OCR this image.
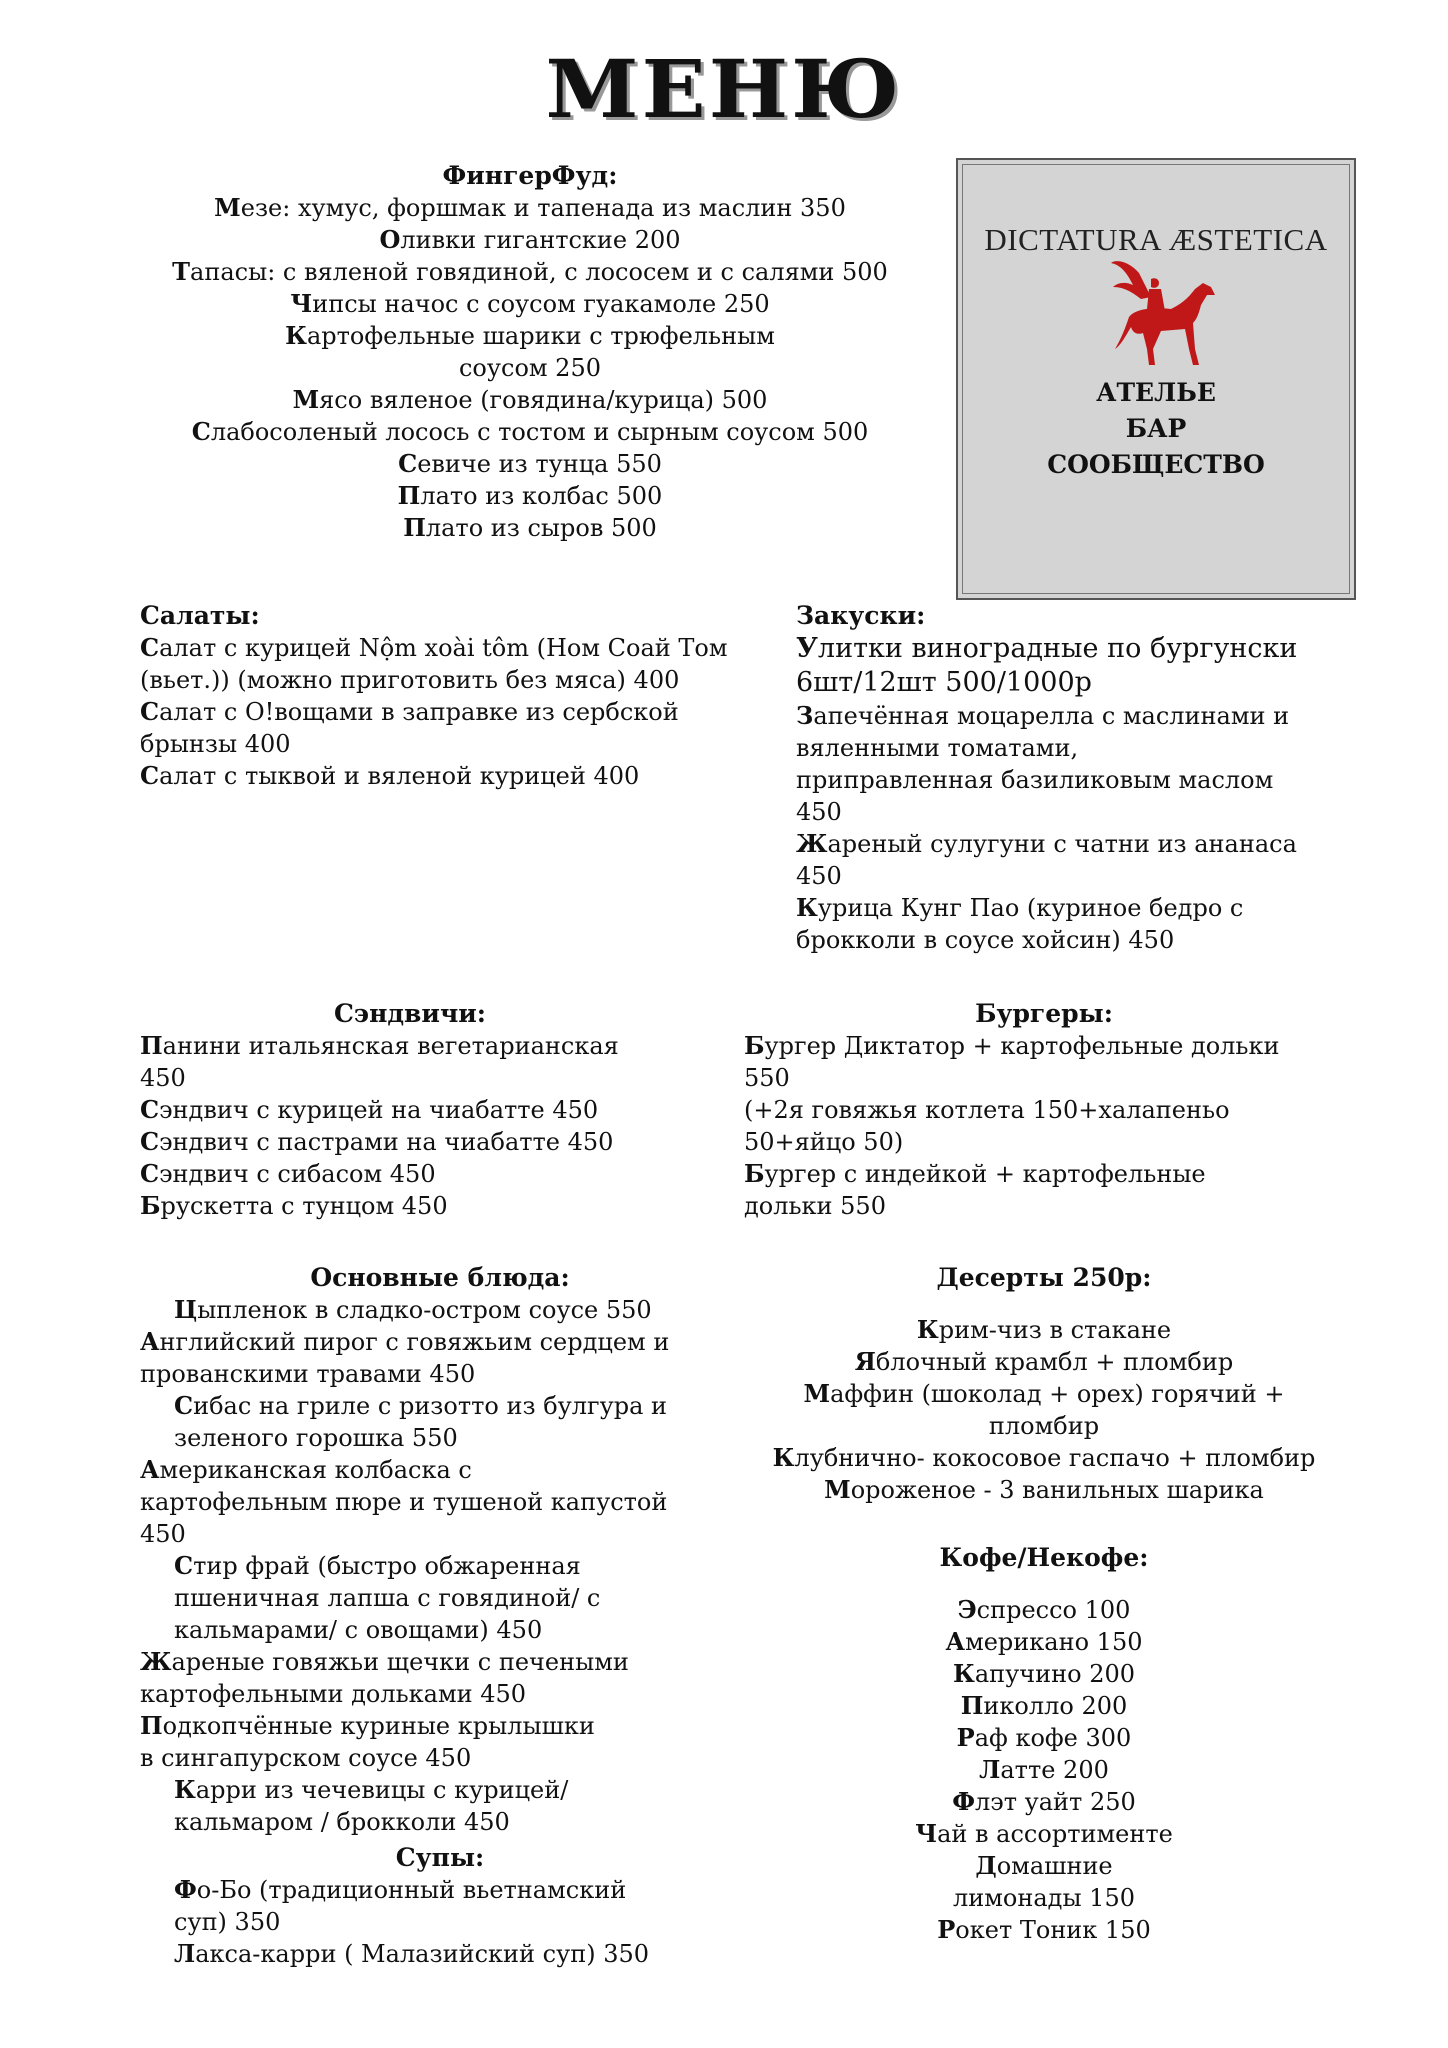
МЕНЮ
ФингерФуд:
Мезе: хумус, форшмак и тапенада из маслин 350
Оливки гигантские 200
Тапасы: с вяленой говядиной, с лососем и с салями 500
Чипсы начос с соусом гуакамоле 250
Картофельные шарики с трюфельным
соусом 250
Мясо вяленое (говядина/курица) 500
Слабосоленый лосось с тостом и сырным соусом 500
Севиче из тунца 550
Плато из колбас 500
Плато из сыров 500
DICTATURA ÆSTETICA
АТЕЛЬЕ
БАР
СООБЩЕСТВО
Салаты:
Салат с курицей Nộm xoài tôm (Ном Соай Том
(вьет.)) (можно приготовить без мяса) 400
Салат с О!вощами в заправке из сербской
брынзы 400
Салат с тыквой и вяленой курицей 400
Закуски:
Улитки виноградные по бургунски
6шт/12шт 500/1000р
Запечённая моцарелла с маслинами и
вяленными томатами,
приправленная базиликовым маслом
450
Жареный сулугуни с чатни из ананаса
450
Курица Кунг Пао (куриное бедро с
брокколи в соусе хойсин) 450
Сэндвичи:
Панини итальянская вегетарианская
450
Сэндвич с курицей на чиабатте 450
Сэндвич с пастрами на чиабатте 450
Сэндвич с сибасом 450
Брускетта с тунцом 450
Бургеры:
Бургер Диктатор + картофельные дольки
550
(+2я говяжья котлета 150+халапеньо
50+яйцо 50)
Бургер с индейкой + картофельные
дольки 550
Основные блюда:
Цыпленок в сладко-остром соусе 550
Английский пирог с говяжьим сердцем и
прованскими травами 450
Сибас на гриле с ризотто из булгура и
зеленого горошка 550
Американская колбаска с
картофельным пюре и тушеной капустой
450
Стир фрай (быстро обжаренная
пшеничная лапша с говядиной/ с
кальмарами/ с овощами) 450
Жареные говяжьи щечки с печеными
картофельными дольками 450
Подкопчённые куриные крылышки
в сингапурском соусе 450
Карри из чечевицы с курицей/
кальмаром / брокколи 450
Супы:
Фо-Бо (традиционный вьетнамский
суп) 350
Лакса-карри ( Малазийский суп) 350
Десерты 250р:
Крим-чиз в стакане
Яблочный крамбл + пломбир
Маффин (шоколад + орех) горячий +
пломбир
Клубнично- кокосовое гаспачо + пломбир
Мороженое - 3 ванильных шарика
Кофе/Некофе:
Эспрессо 100
Американо 150
Капучино 200
Пиколло 200
Раф кофе 300
Латте 200
Флэт уайт 250
Чай в ассортименте
Домашние
лимонады 150
Рокет Тоник 150
